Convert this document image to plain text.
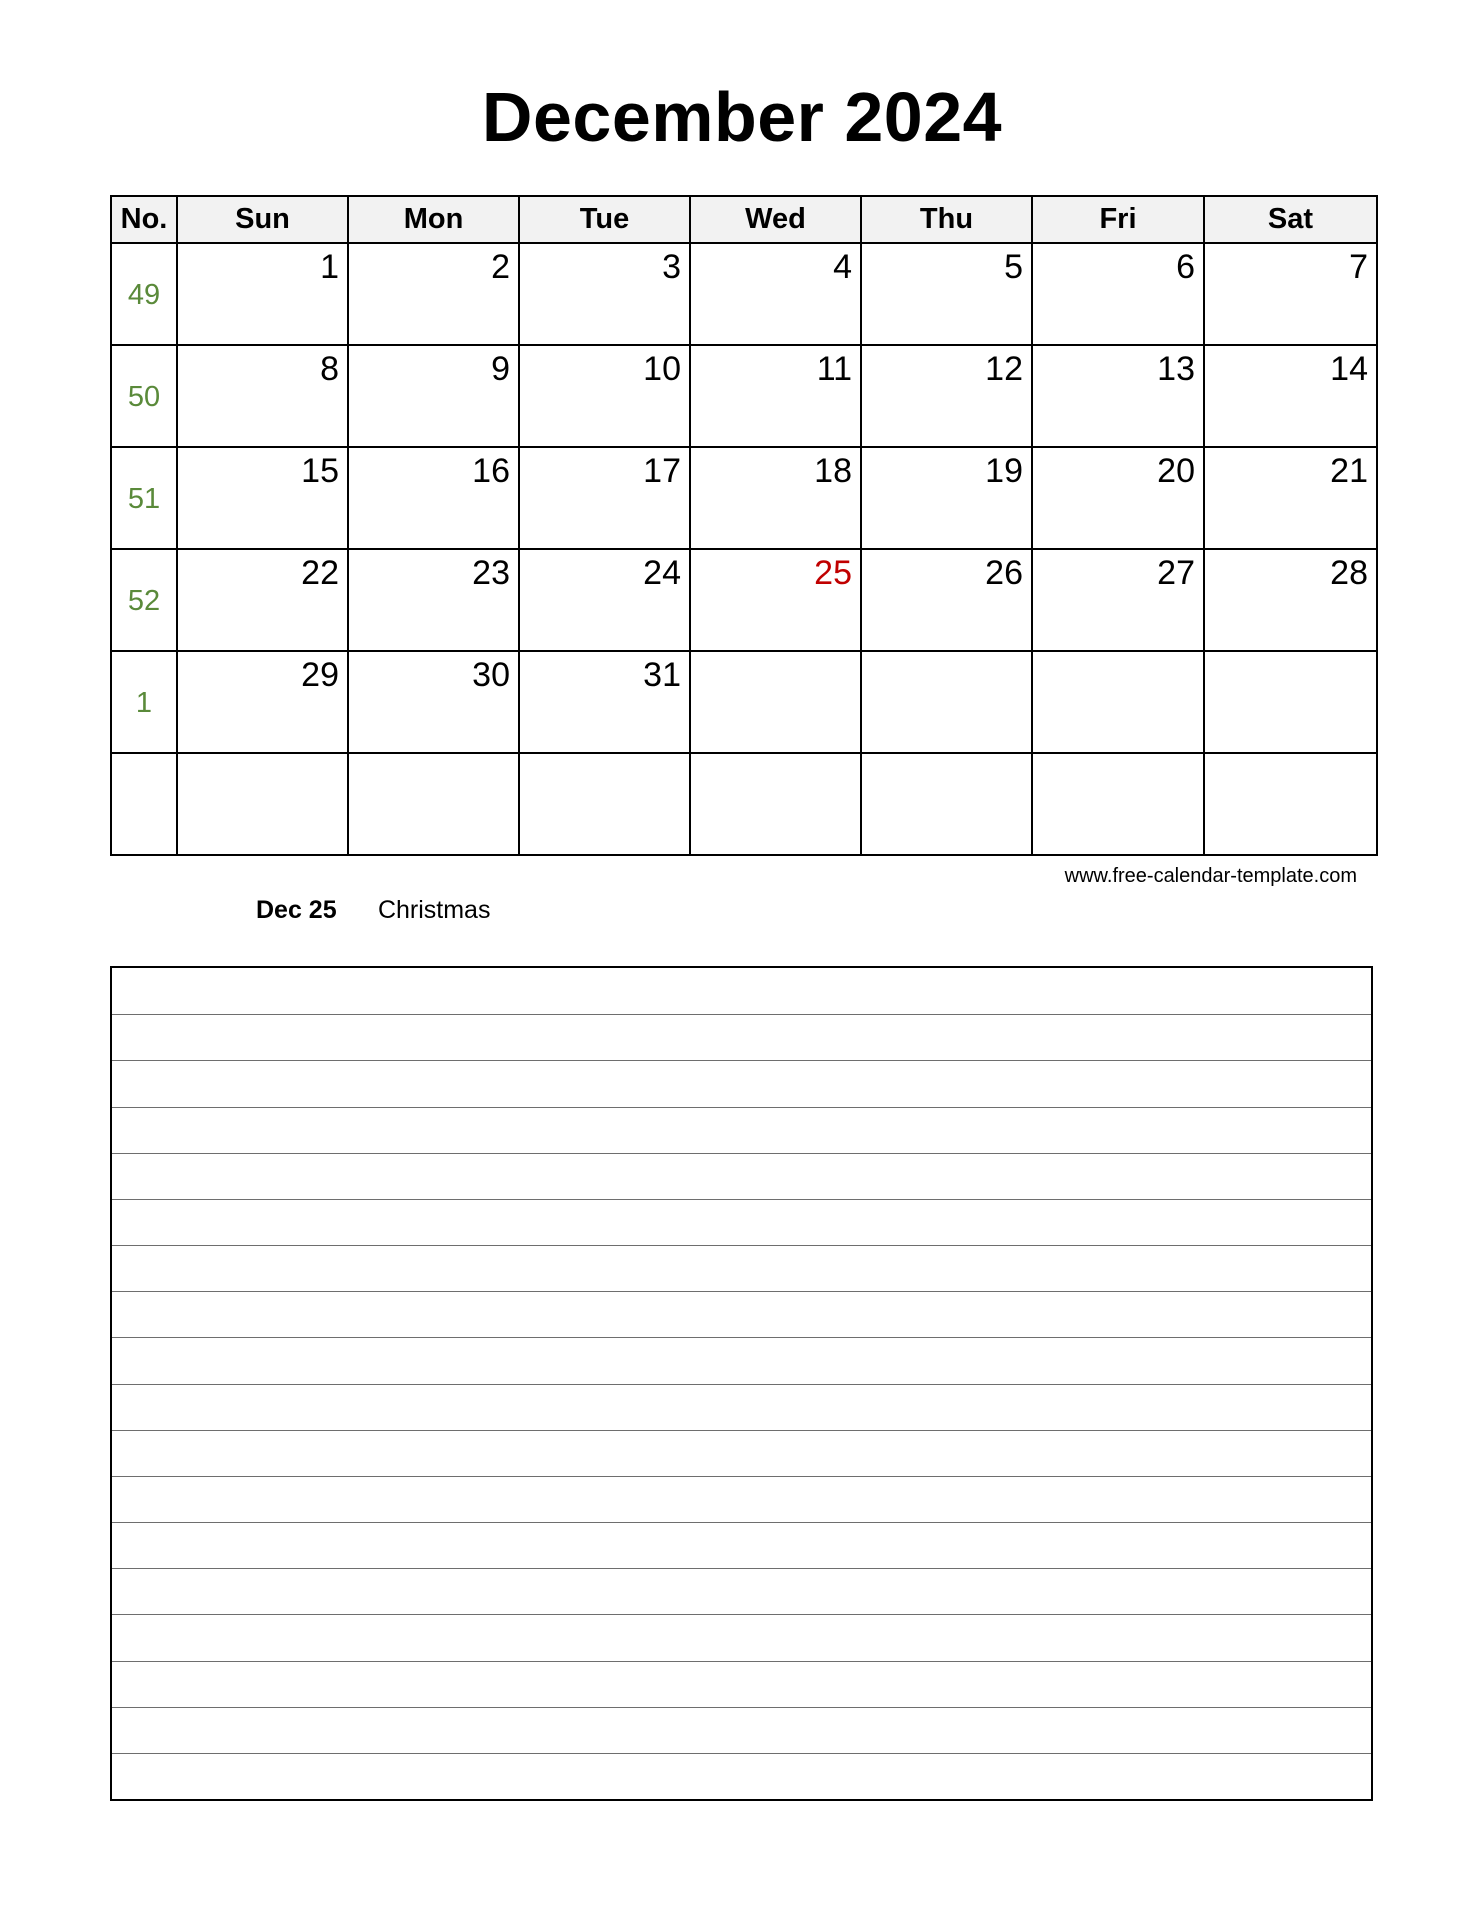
December 2024
No.	Sun	Mon	Tue	Wed	Thu	Fri	Sat
49	1	2	3	4	5	6	7

50	8	9	10	11	12	13	14

51	15	16	17	18	19	20	21

52	22	23	24	25	26	27	28

1	29	30	31				

www.free-calendar-template.com
Dec 25 Christmas
